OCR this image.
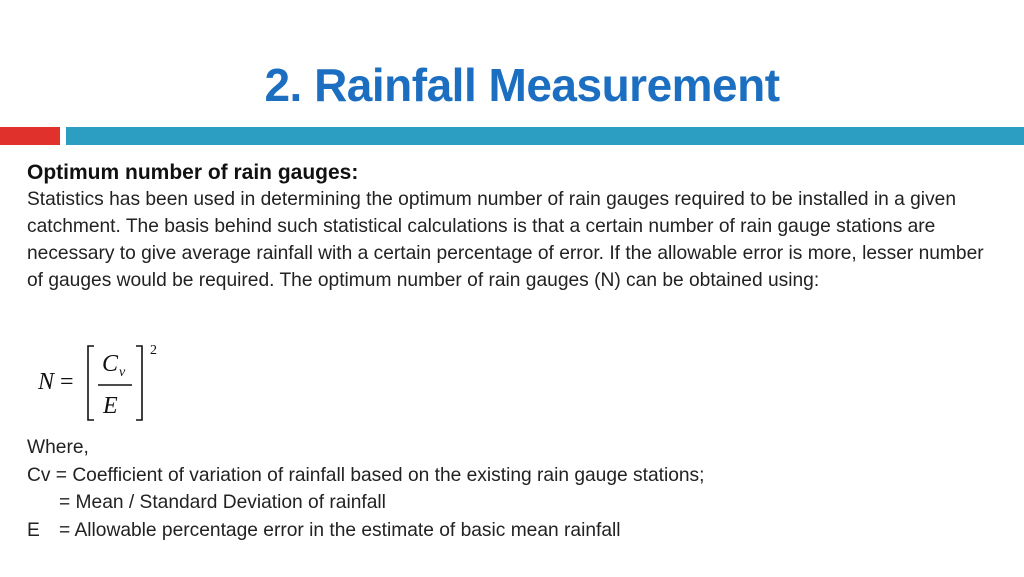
2. Rainfall Measurement

Optimum number of rain gauges:

Statistics has been used in determining the optimum number of rain gauges required to be installed in a given catchment. The basis behind such statistical calculations is that a certain number of rain gauge stations are necessary to give average rainfall with a certain percentage of error. If the allowable error is more, lesser number of gauges would be required. The optimum number of rain gauges (N) can be obtained using:

N =
C v
E
2
Where,
Cv = Coefficient of variation of rainfall based on the existing rain gauge stations;
= Mean / Standard Deviation of rainfall
E = Allowable percentage error in the estimate of basic mean rainfall
